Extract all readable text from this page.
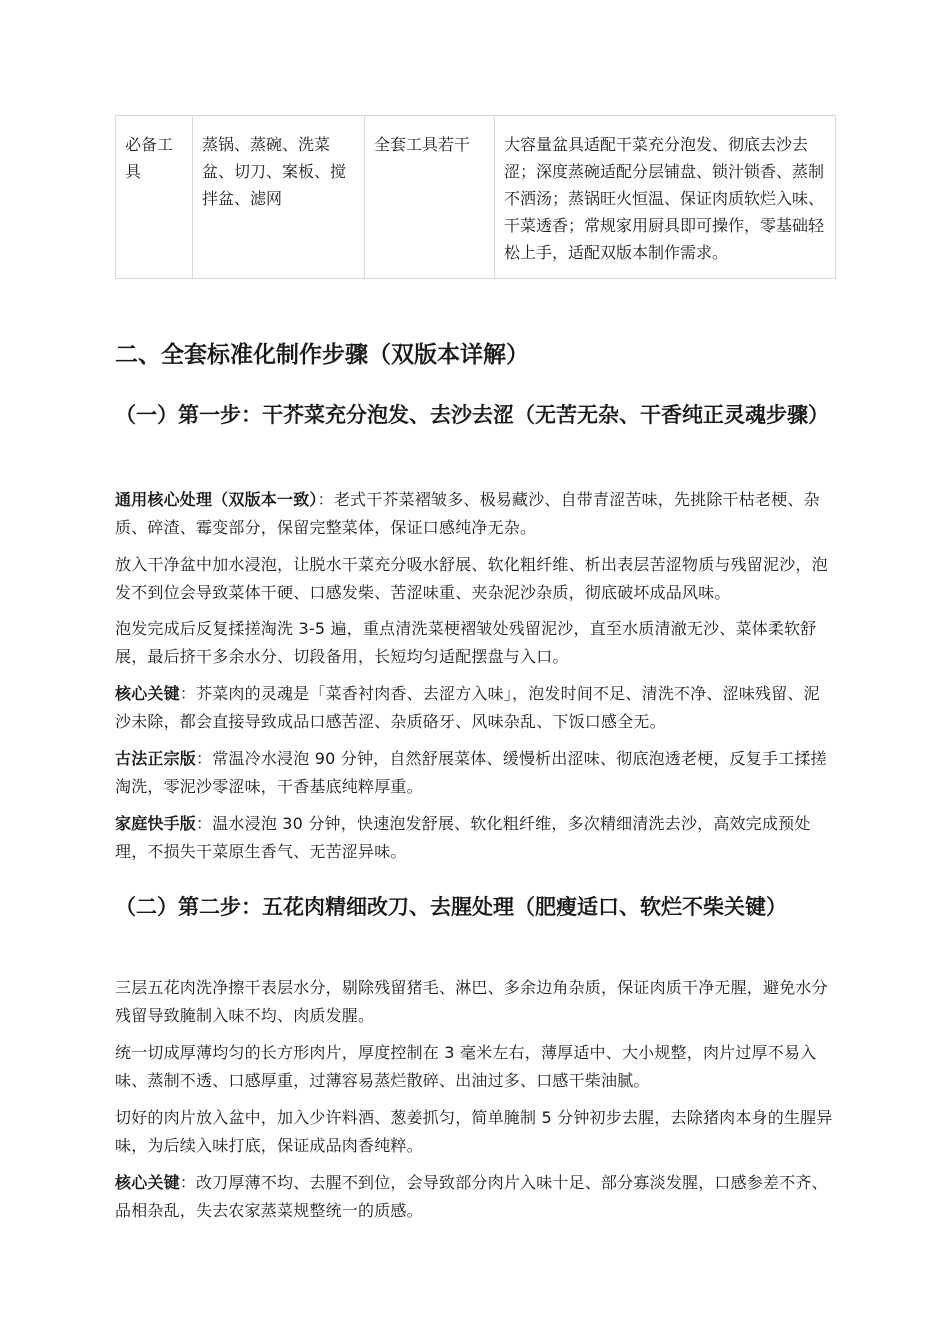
必备工具	蒸锅、蒸碗、洗菜盆、切刀、案板、搅拌盆、滤网	全套工具若干	大容量盆具适配干菜充分泡发、彻底去沙去涩；深度蒸碗适配分层铺盘、锁汁锁香、蒸制不洒汤；蒸锅旺火恒温、保证肉质软烂入味、干菜透香；常规家用厨具即可操作，零基础轻松上手，适配双版本制作需求。
二、全套标准化制作步骤（双版本详解）
（一）第一步：干芥菜充分泡发、去沙去涩（无苦无杂、干香纯正灵魂步骤）

通用核心处理（双版本一致）：老式干芥菜褶皱多、极易藏沙、自带青涩苦味，先挑除干枯老梗、杂质、碎渣、霉变部分，保留完整菜体，保证口感纯净无杂。

放入干净盆中加水浸泡，让脱水干菜充分吸水舒展、软化粗纤维、析出表层苦涩物质与残留泥沙，泡发不到位会导致菜体干硬、口感发柴、苦涩味重、夹杂泥沙杂质，彻底破坏成品风味。

泡发完成后反复揉搓淘洗 3-5 遍，重点清洗菜梗褶皱处残留泥沙，直至水质清澈无沙、菜体柔软舒展，最后挤干多余水分、切段备用，长短均匀适配摆盘与入口。

核心关键：芥菜肉的灵魂是「菜香衬肉香、去涩方入味」，泡发时间不足、清洗不净、涩味残留、泥沙未除，都会直接导致成品口感苦涩、杂质硌牙、风味杂乱、下饭口感全无。

古法正宗版：常温冷水浸泡 90 分钟，自然舒展菜体、缓慢析出涩味、彻底泡透老梗，反复手工揉搓淘洗，零泥沙零涩味，干香基底纯粹厚重。

家庭快手版：温水浸泡 30 分钟，快速泡发舒展、软化粗纤维，多次精细清洗去沙，高效完成预处理，不损失干菜原生香气、无苦涩异味。

（二）第二步：五花肉精细改刀、去腥处理（肥瘦适口、软烂不柴关键）

三层五花肉洗净擦干表层水分，剔除残留猪毛、淋巴、多余边角杂质，保证肉质干净无腥，避免水分残留导致腌制入味不均、肉质发腥。

统一切成厚薄均匀的长方形肉片，厚度控制在 3 毫米左右，薄厚适中、大小规整，肉片过厚不易入味、蒸制不透、口感厚重，过薄容易蒸烂散碎、出油过多、口感干柴油腻。

切好的肉片放入盆中，加入少许料酒、葱姜抓匀，简单腌制 5 分钟初步去腥，去除猪肉本身的生腥异味，为后续入味打底，保证成品肉香纯粹。

核心关键：改刀厚薄不均、去腥不到位，会导致部分肉片入味十足、部分寡淡发腥，口感参差不齐、品相杂乱，失去农家蒸菜规整统一的质感。
